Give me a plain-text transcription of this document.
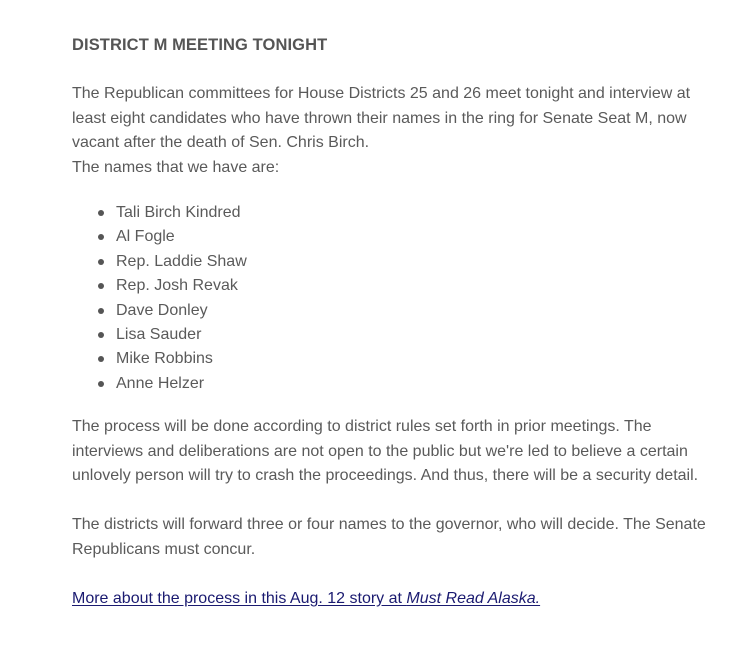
DISTRICT M MEETING TONIGHT
The Republican committees for House Districts 25 and 26 meet tonight and interview at least eight candidates who have thrown their names in the ring for Senate Seat M, now vacant after the death of Sen. Chris Birch.
The names that we have are:
Tali Birch Kindred
Al Fogle
Rep. Laddie Shaw
Rep. Josh Revak
Dave Donley
Lisa Sauder
Mike Robbins
Anne Helzer

The process will be done according to district rules set forth in prior meetings. The interviews and deliberations are not open to the public but we're led to believe a certain unlovely person will try to crash the proceedings. And thus, there will be a security detail.

The districts will forward three or four names to the governor, who will decide. The Senate Republicans must concur.

More about the process in this Aug. 12 story at Must Read Alaska.
